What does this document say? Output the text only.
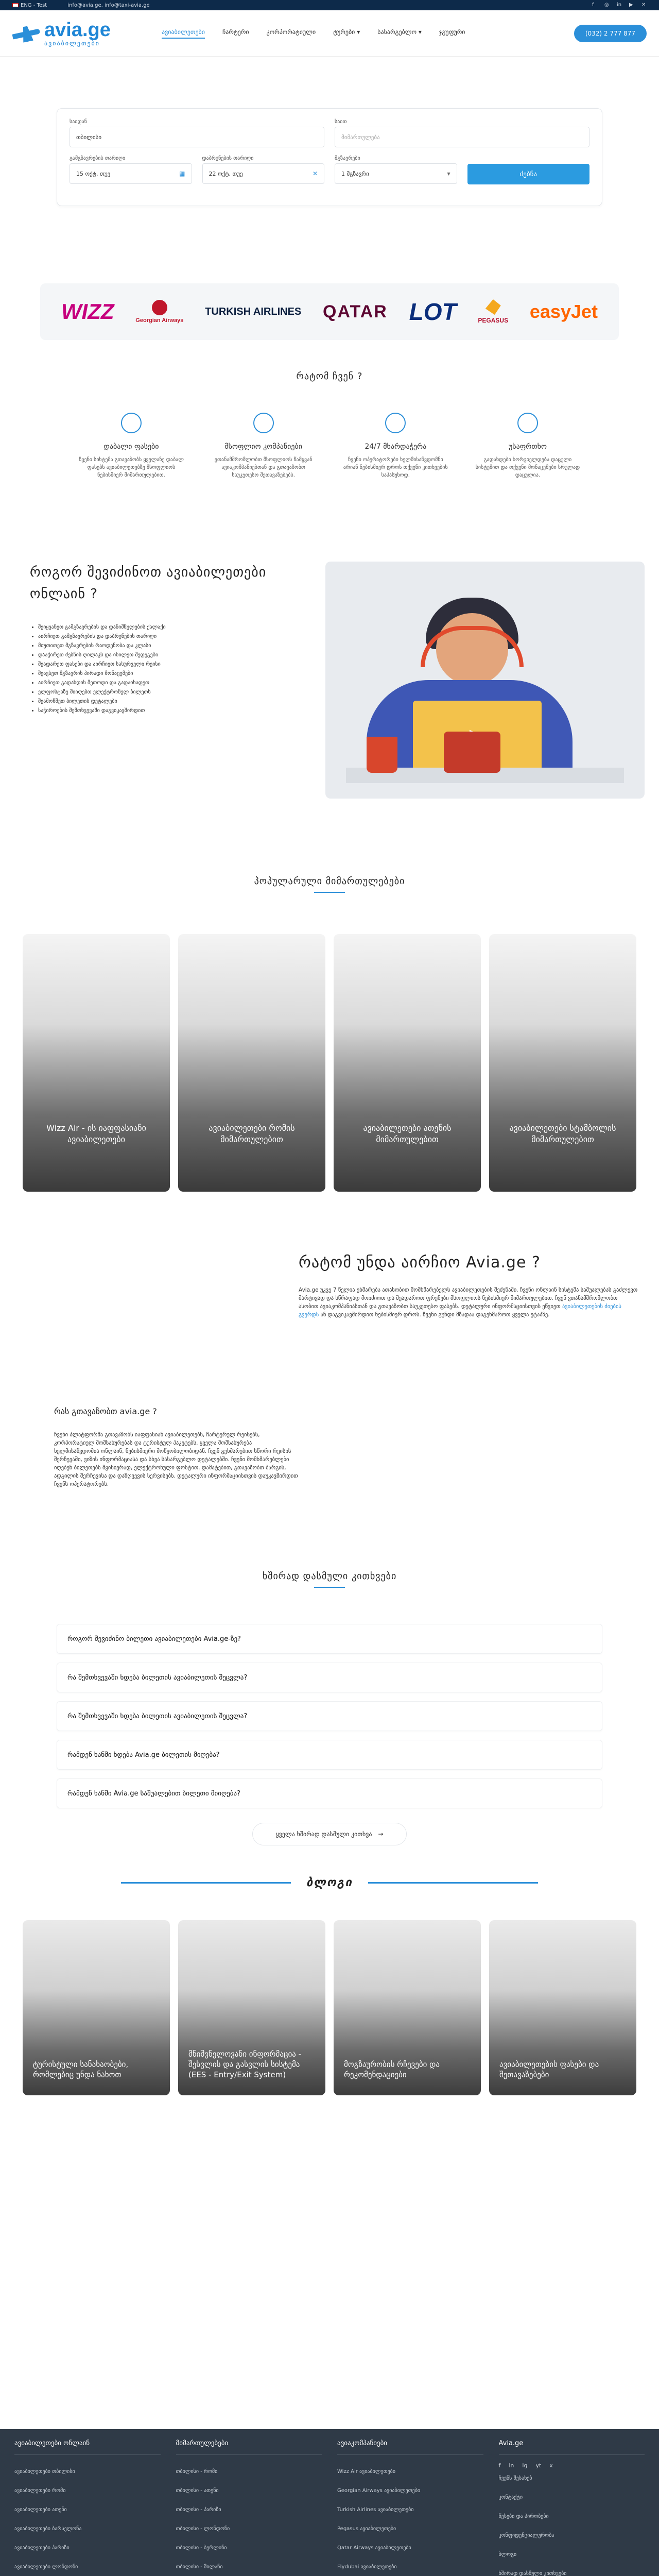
ENG - Test	info@avia.ge, info@taxi-avia.ge	f	◎ in ▶ ✕
avia.ge
ავიაბილეთები
ავიაბილეთები	ჩარტერი	კორპორატიული	ტურები ▾	სასარგებლო ▾	ჯგუფური	(032) 2 777 877
საიდან
თბილისი
საით
მიმართულება
გამგზავრების თარიღი
15 ოქტ, თუე	▦
დაბრუნების თარიღი
22 ოქტ, თუე	✕
მგზავრები
1 მგზავრი	▾	ძებნა
WIZZ	Georgian Airways
TURKISH AIRLINES QATAR LOT	PEGASUS easyJet
რატომ ჩვენ ?
დაბალი ფასები

ჩვენი სისტემა გთავაზობს ყველაზე დაბალ ფასებს ავიაბილეთებზე მსოფლიოს ნებისმიერ მიმართულებით.

მსოფლიო კომპანიები

ვთანამშრომლობთ მსოფლიოს წამყვან ავიაკომპანიებთან და გთავაზობთ საუკეთესო შეთავაზებებს.

24/7 მხარდაჭერა

ჩვენი ოპერატორები ხელმისაწვდომნი არიან ნებისმიერ დროს თქვენი კითხვების საპასუხოდ.

უსაფრთხო

გადახდები ხორციელდება დაცული სისტემით და თქვენი მონაცემები სრულად დაცულია.

როგორ შევიძინოთ ავიაბილეთები ონლაინ ?
• შეიყვანეთ გამგზავრების და დანიშნულების ქალაქი
• აირჩიეთ გამგზავრების და დაბრუნების თარიღი
• მიუთითეთ მგზავრების რაოდენობა და კლასი
• დააჭირეთ ძებნის ღილაკს და იხილეთ შედეგები
• შეადარეთ ფასები და აირჩიეთ სასურველი რეისი
• შეავსეთ მგზავრის პირადი მონაცემები
• აირჩიეთ გადახდის მეთოდი და გადაიხადეთ
• ელფოსტაზე მიიღებთ ელექტრონულ ბილეთს
• შეამოწმეთ ბილეთის დეტალები
• საჭიროების შემთხვევაში დაგვიკავშირდით
▶
პოპულარული მიმართულებები
Wizz Air - ის იაფფასიანი ავიაბილეთები
ავიაბილეთები რომის მიმართულებით
ავიაბილეთები ათენის მიმართულებით
ავიაბილეთები სტამბოლის მიმართულებით
რატომ უნდა აირჩიო Avia.ge ?

Avia.ge უკვე 7 წელია ეხმარება ათასობით მომხმარებელს ავიაბილეთების შეძენაში. ჩვენი ონლაინ სისტემა საშუალებას გაძლევთ მარტივად და სწრაფად მოიძიოთ და შეადაროთ ფრენები მსოფლიოს ნებისმიერ მიმართულებით. ჩვენ ვთანამშრომლობთ ასობით ავიაკომპანიასთან და გთავაზობთ საუკეთესო ფასებს. დეტალური ინფორმაციისთვის ეწვიეთ ავიაბილეთების ძიების გვერდს ან დაგვიკავშირდით ნებისმიერ დროს. ჩვენი გუნდი მზადაა დაგეხმაროთ ყველა ეტაპზე.

რას გთავაზობთ avia.ge ?

ჩვენი პლატფორმა გთავაზობს იაფფასიან ავიაბილეთებს, ჩარტერულ რეისებს, კორპორატიულ მომსახურებას და ტურისტულ პაკეტებს. ყველა მომსახურება ხელმისაწვდომია ონლაინ, ნებისმიერი მოწყობილობიდან. ჩვენ გეხმარებით სწორი რეისის შერჩევაში, ვიზის ინფორმაციასა და სხვა სასარგებლო დეტალებში. ჩვენი მომხმარებლები იღებენ ბილეთებს მყისიერად, ელექტრონული ფოსტით. დამატებით, გთავაზობთ ბარგის, ადგილის შერჩევისა და დაზღვევის სერვისებს. დეტალური ინფორმაციისთვის დაუკავშირდით ჩვენს ოპერატორებს.

ხშირად დასმული კითხვები
როგორ შევიძინო ბილეთი ავიაბილეთები Avia.ge-ზე?
რა შემთხვევაში ხდება ბილეთის ავიაბილეთის შეცვლა?
რა შემთხვევაში ხდება ბილეთის ავიაბილეთის შეცვლა?
რამდენ ხანში ხდება Avia.ge ბილეთის მიღება?
რამდენ ხანში Avia.ge საშუალებით ბილეთი მიიღება?
ყველა ხშირად დასმული კითხვა →
ბლოგი
ტურისტული სანახაობები, რომლებიც უნდა ნახოთ
მნიშვნელოვანი ინფორმაცია - შესვლის და გასვლის სისტემა (EES - Entry/Exit System)
მოგზაურობის რჩევები და რეკომენდაციები
ავიაბილეთების ფასები და შეთავაზებები
ავიაბილეთები ონლაინ
ავიაბილეთები თბილისი
ავიაბილეთები რომი
ავიაბილეთები ათენი
ავიაბილეთები ბარსელონა
ავიაბილეთები პარიზი
ავიაბილეთები ლონდონი
მიმართულებები
თბილისი - რომი
თბილისი - ათენი
თბილისი - პარიზი
თბილისი - ლონდონი
თბილისი - ბერლინი
თბილისი - მილანი
ავიაკომპანიები
Wizz Air ავიაბილეთები
Georgian Airways ავიაბილეთები
Turkish Airlines ავიაბილეთები
Pegasus ავიაბილეთები
Qatar Airways ავიაბილეთები
Flydubai ავიაბილეთები
Avia.ge
f in ig yt x
ჩვენს შესახებ
კონტაქტი
წესები და პირობები
კონფიდენციალურობა
ბლოგი
ხშირად დასმული კითხვები
